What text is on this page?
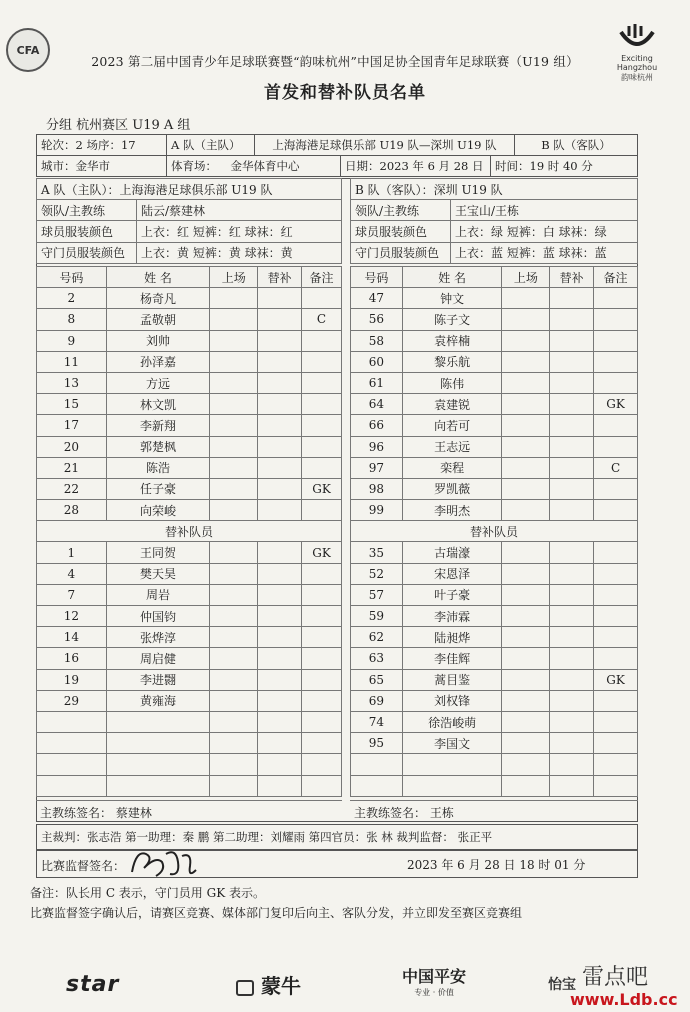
CFA
Exciting Hangzhou
韵味杭州
2023 第二届中国青少年足球联赛暨“韵味杭州”中国足协全国青年足球联赛（U19 组）
首发和替补队员名单
分组 杭州赛区 U19 A 组
轮次：2 场序：17	A 队（主队）	上海海港足球俱乐部 U19 队—深圳 U19 队	B 队（客队）
城市：金华市	体育场：	金华体育中心	日期：2023 年 6 月 28 日	时间：19 时 40 分
A 队（主队）：上海海港足球俱乐部 U19 队	
领队/主教练	陆云/蔡建林
球员服装颜色	上衣：红 短裤：红 球袜：红
守门员服装颜色	上衣：黄 短裤：黄 球袜：黄
号码	姓 名	上场	替补	备注
2	杨奇凡			
8	孟敬朝			C
9	刘帅			
11	孙泽嘉			
13	方远			
15	林文凯			
17	李新翔			
20	郭楚枫			
21	陈浩			
22	任子豪			GK
28	向荣峻			
替补队员				
1	王同贺			GK
4	樊天昊			
7	周岩			
12	仲国钧			
14	张烨淳			
16	周启健			
19	李进翾			
29	黄雍海			

B 队（客队）：深圳 U19 队	
领队/主教练	王宝山/王栋
球员服装颜色	上衣：绿 短裤：白 球袜：绿
守门员服装颜色	上衣：蓝 短裤：蓝 球袜：蓝
号码	姓 名	上场	替补	备注
47	钟文			
56	陈子文			
58	袁梓楠			
60	黎乐航			
61	陈伟			
64	袁建锐			GK
66	向若可			
96	王志远			
97	栾程			C
98	罗凯薇			
99	李明杰			
替补队员				
35	古瑞濠			
52	宋恩泽			
57	叶子豪			
59	李沛霖			
62	陆昶烨			
63	李佳辉			
65	蒿目鉴			GK
69	刘权锋			
74	徐浩峻萌			
95	李国文			

主教练签名： 蔡建林	主教练签名： 王栋
主裁判：张志浩 第一助理：秦 鹏 第二助理：刘耀雨 第四官员：张 林 裁判监督： 张正平
比赛监督签名：	2023 年 6 月 28 日 18 时 01 分
备注：队长用 C 表示，守门员用 GK 表示。
比赛监督签字确认后，请赛区竞赛、媒体部门复印后向主、客队分发，并立即发至赛区竞赛组
star	蒙牛	中国平安
专业 · 价值	怡宝 雷点吧
www.Ldb.cc
